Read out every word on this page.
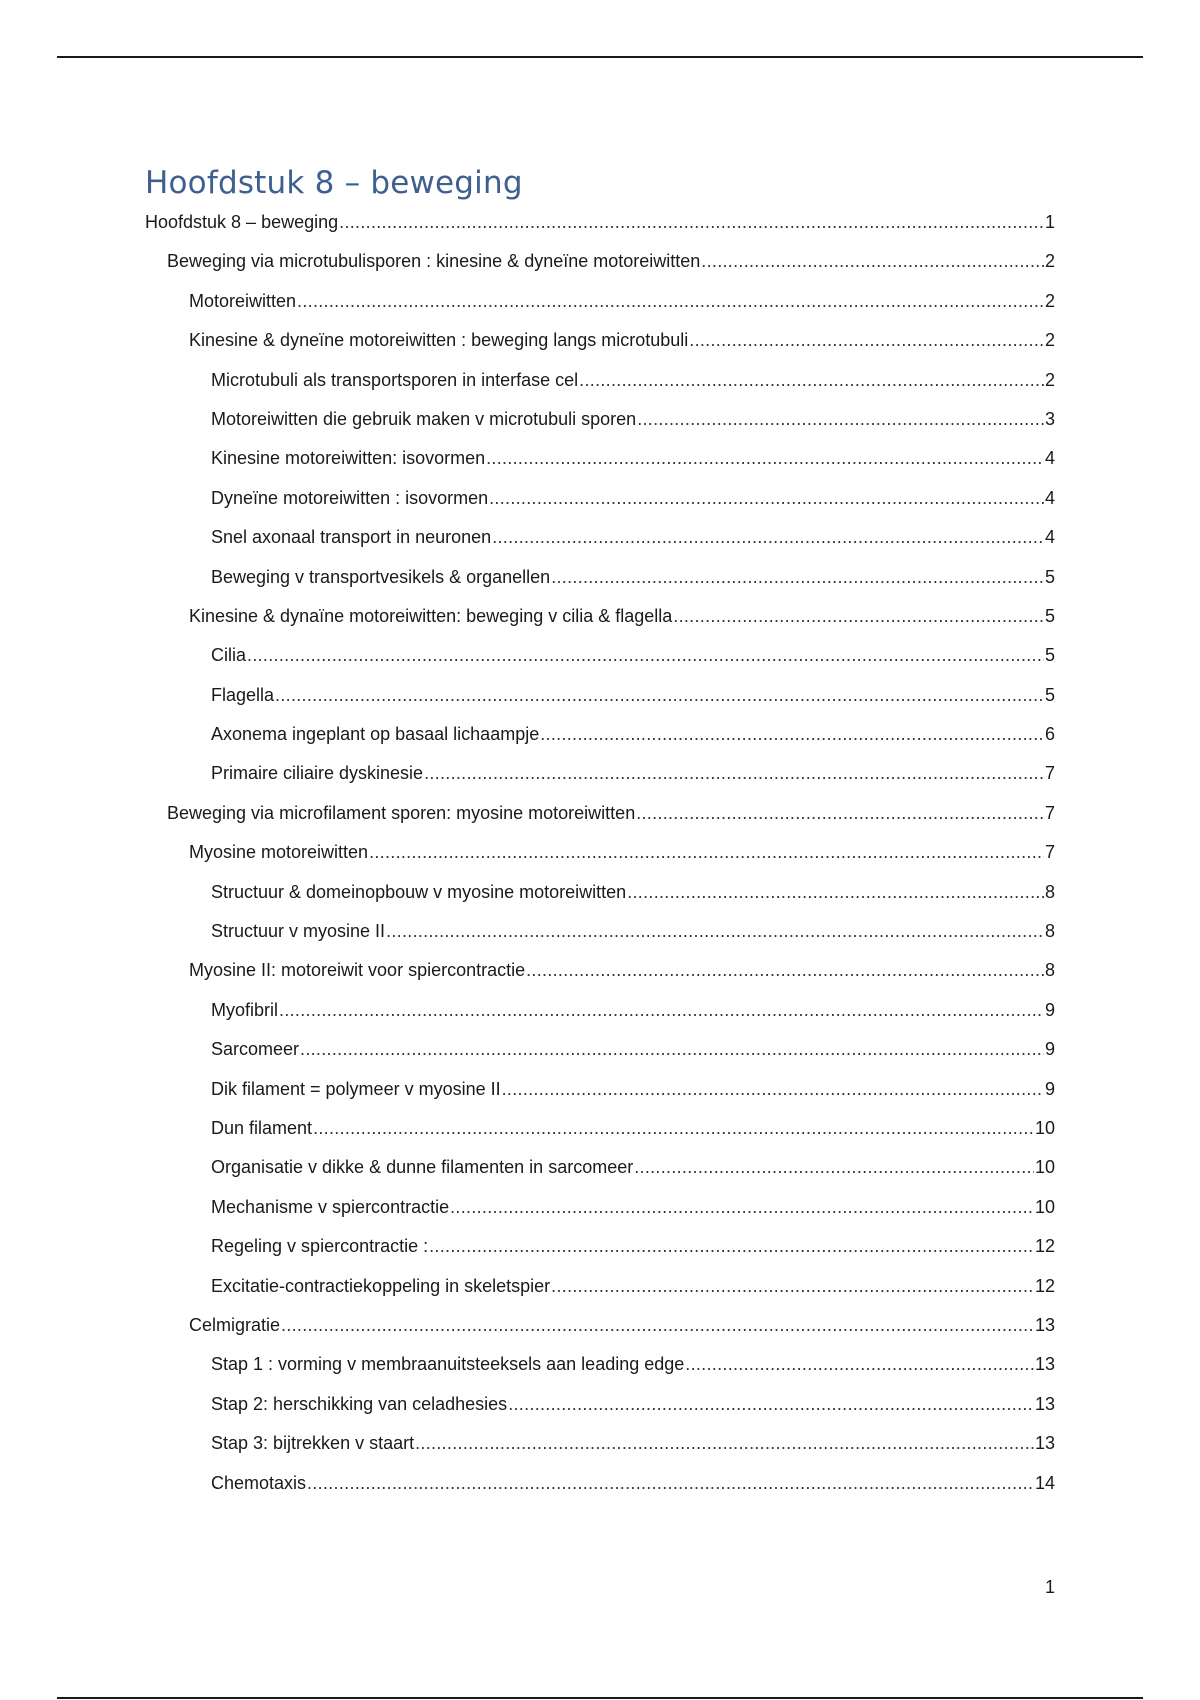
Hoofdstuk 8 – beweging
Hoofdstuk 8 – beweging .....	1
Beweging via microtubulisporen : kinesine & dyneïne motoreiwitten .....	2
Motoreiwitten .....	2
Kinesine & dyneïne motoreiwitten : beweging langs microtubuli .....	2
Microtubuli als transportsporen in interfase cel .....	2
Motoreiwitten die gebruik maken v microtubuli sporen .....	3
Kinesine motoreiwitten: isovormen .....	4
Dyneïne motoreiwitten : isovormen .....	4
Snel axonaal transport in neuronen .....	4
Beweging v transportvesikels & organellen .....	5
Kinesine & dynaïne motoreiwitten: beweging v cilia & flagella .....	5
Cilia .....	5
Flagella .....	5
Axonema ingeplant op basaal lichaampje .....	6
Primaire ciliaire dyskinesie .....	7
Beweging via microfilament sporen: myosine motoreiwitten .....	7
Myosine motoreiwitten .....	7
Structuur & domeinopbouw v myosine motoreiwitten .....	8
Structuur v myosine II .....	8
Myosine II: motoreiwit voor spiercontractie .....	8
Myofibril .....	9
Sarcomeer .....	9
Dik filament = polymeer v myosine II .....	9
Dun filament .....	10
Organisatie v dikke & dunne filamenten in sarcomeer .....	10
Mechanisme v spiercontractie .....	10
Regeling v spiercontractie : .....	12
Excitatie-contractiekoppeling in skeletspier .....	12
Celmigratie .....	13
Stap 1 : vorming v membraanuitsteeksels aan leading edge .....	13
Stap 2: herschikking van celadhesies .....	13
Stap 3: bijtrekken v staart .....	13
Chemotaxis .....	14
1
